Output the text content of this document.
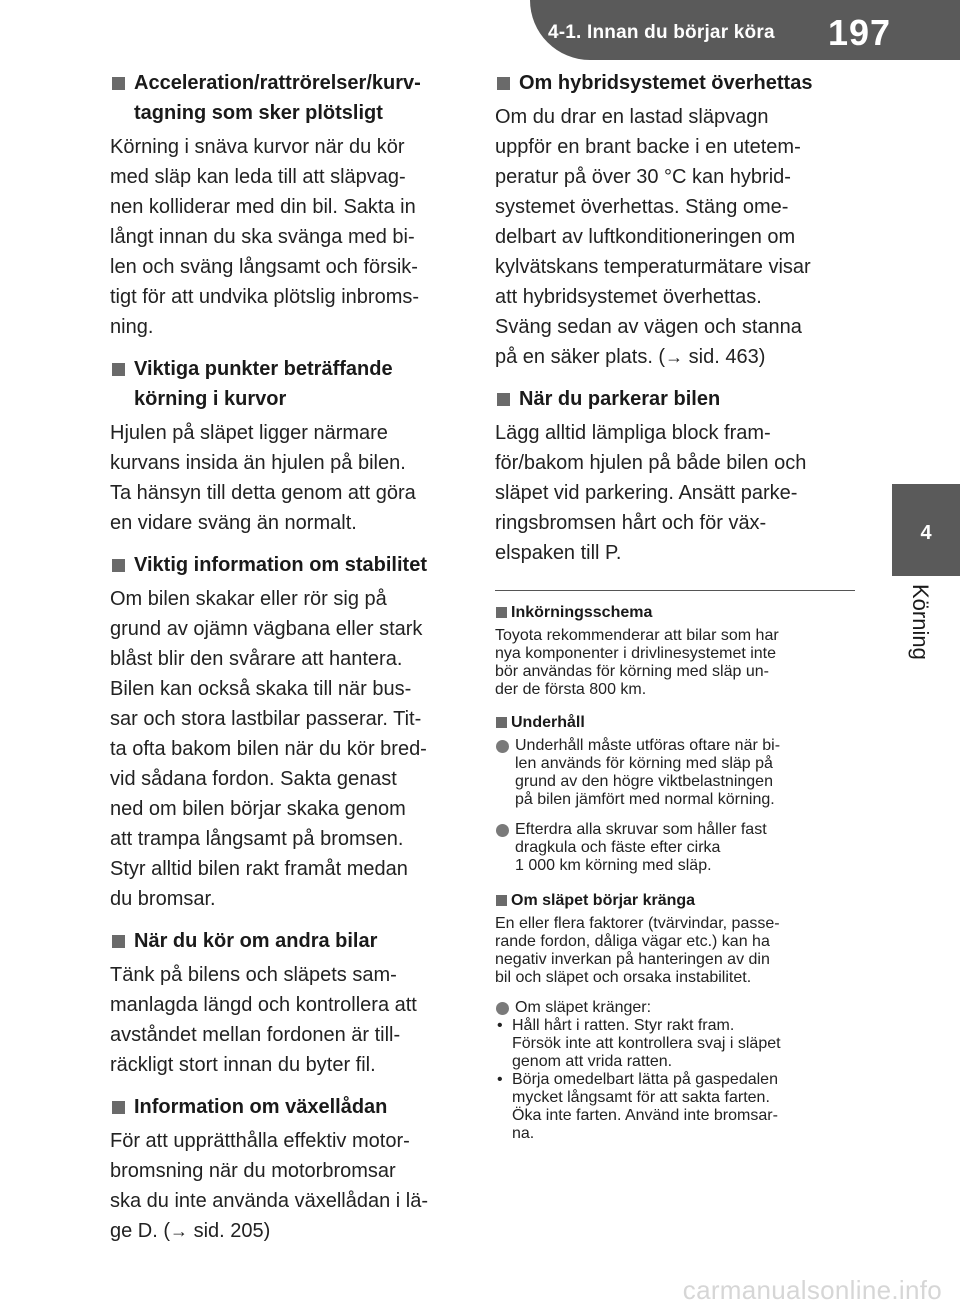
4-1. Innan du börjar köra 197
4
Körning
Acceleration/rattrörelser/kurv-
tagning som sker plötsligt
Körning i snäva kurvor när du kör
med släp kan leda till att släpvag-
nen kolliderar med din bil. Sakta in
långt innan du ska svänga med bi-
len och sväng långsamt och försik-
tigt för att undvika plötslig inbroms-
ning.
Viktiga punkter beträffande
körning i kurvor
Hjulen på släpet ligger närmare
kurvans insida än hjulen på bilen.
Ta hänsyn till detta genom att göra
en vidare sväng än normalt.
Viktig information om stabilitet
Om bilen skakar eller rör sig på
grund av ojämn vägbana eller stark
blåst blir den svårare att hantera.
Bilen kan också skaka till när bus-
sar och stora lastbilar passerar. Tit-
ta ofta bakom bilen när du kör bred-
vid sådana fordon. Sakta genast
ned om bilen börjar skaka genom
att trampa långsamt på bromsen.
Styr alltid bilen rakt framåt medan
du bromsar.
När du kör om andra bilar
Tänk på bilens och släpets sam-
manlagda längd och kontrollera att
avståndet mellan fordonen är till-
räckligt stort innan du byter fil.
Information om växellådan
För att upprätthålla effektiv motor-
bromsning när du motorbromsar
ska du inte använda växellådan i lä-
ge D. (→ sid. 205)
Om hybridsystemet överhettas
Om du drar en lastad släpvagn
uppför en brant backe i en utetem-
peratur på över 30 °C kan hybrid-
systemet överhettas. Stäng ome-
delbart av luftkonditioneringen om
kylvätskans temperaturmätare visar
att hybridsystemet överhettas.
Sväng sedan av vägen och stanna
på en säker plats. (→ sid. 463)
När du parkerar bilen
Lägg alltid lämpliga block fram-
för/bakom hjulen på både bilen och
släpet vid parkering. Ansätt parke-
ringsbromsen hårt och för väx-
elspaken till P.
Inkörningsschema
Toyota rekommenderar att bilar som har
nya komponenter i drivlinesystemet inte
bör användas för körning med släp un-
der de första 800 km.
Underhåll
Underhåll måste utföras oftare när bi-
len används för körning med släp på
grund av den högre viktbelastningen
på bilen jämfört med normal körning.
Efterdra alla skruvar som håller fast
dragkula och fäste efter cirka
1 000 km körning med släp.
Om släpet börjar kränga
En eller flera faktorer (tvärvindar, passe-
rande fordon, dåliga vägar etc.) kan ha
negativ inverkan på hanteringen av din
bil och släpet och orsaka instabilitet.
Om släpet kränger:
• Håll hårt i ratten. Styr rakt fram.
Försök inte att kontrollera svaj i släpet
genom att vrida ratten.
• Börja omedelbart lätta på gaspedalen
mycket långsamt för att sakta farten.
Öka inte farten. Använd inte bromsar-
na.
carmanualsonline.info
